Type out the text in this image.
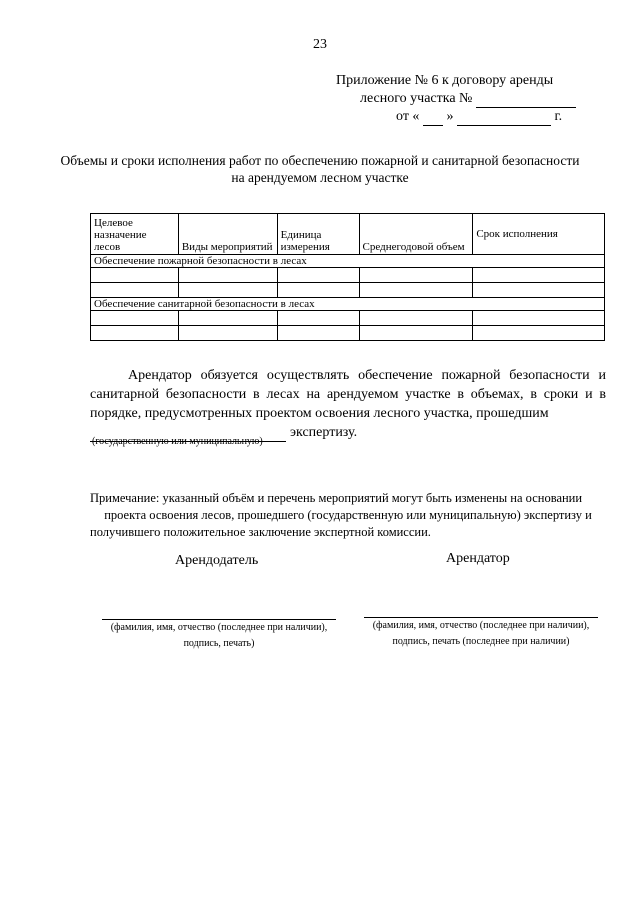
23
Приложение № 6 к договору аренды
лесного участка №
от « »	г.
Объемы и сроки исполнения работ по обеспечению пожарной и санитарной безопасности на арендуемом лесном участке
Целевое назначение лесов	Виды мероприятий	Единица измерения	Среднегодовой объем	Срок исполнения
Обеспечение пожарной безопасности в лесах				

Обеспечение санитарной безопасности в лесах				

Арендатор обязуется осуществлять обеспечение пожарной безопасности и санитарной безопасности в лесах на арендуемом участке в объемах, в сроки и в порядке, предусмотренных проектом освоения лесного участка, прошедшим

экспертизу.

(государственную или муниципальную)
Примечание: указанный объём и перечень мероприятий могут быть изменены на основании
проекта освоения лесов, прошедшего (государственную или муниципальную) экспертизу и
получившего положительное заключение экспертной комиссии.
Арендодатель	Арендатор
(фамилия, имя, отчество (последнее при наличии),
подпись, печать)
(фамилия, имя, отчество (последнее при наличии),
подпись, печать (последнее при наличии)
